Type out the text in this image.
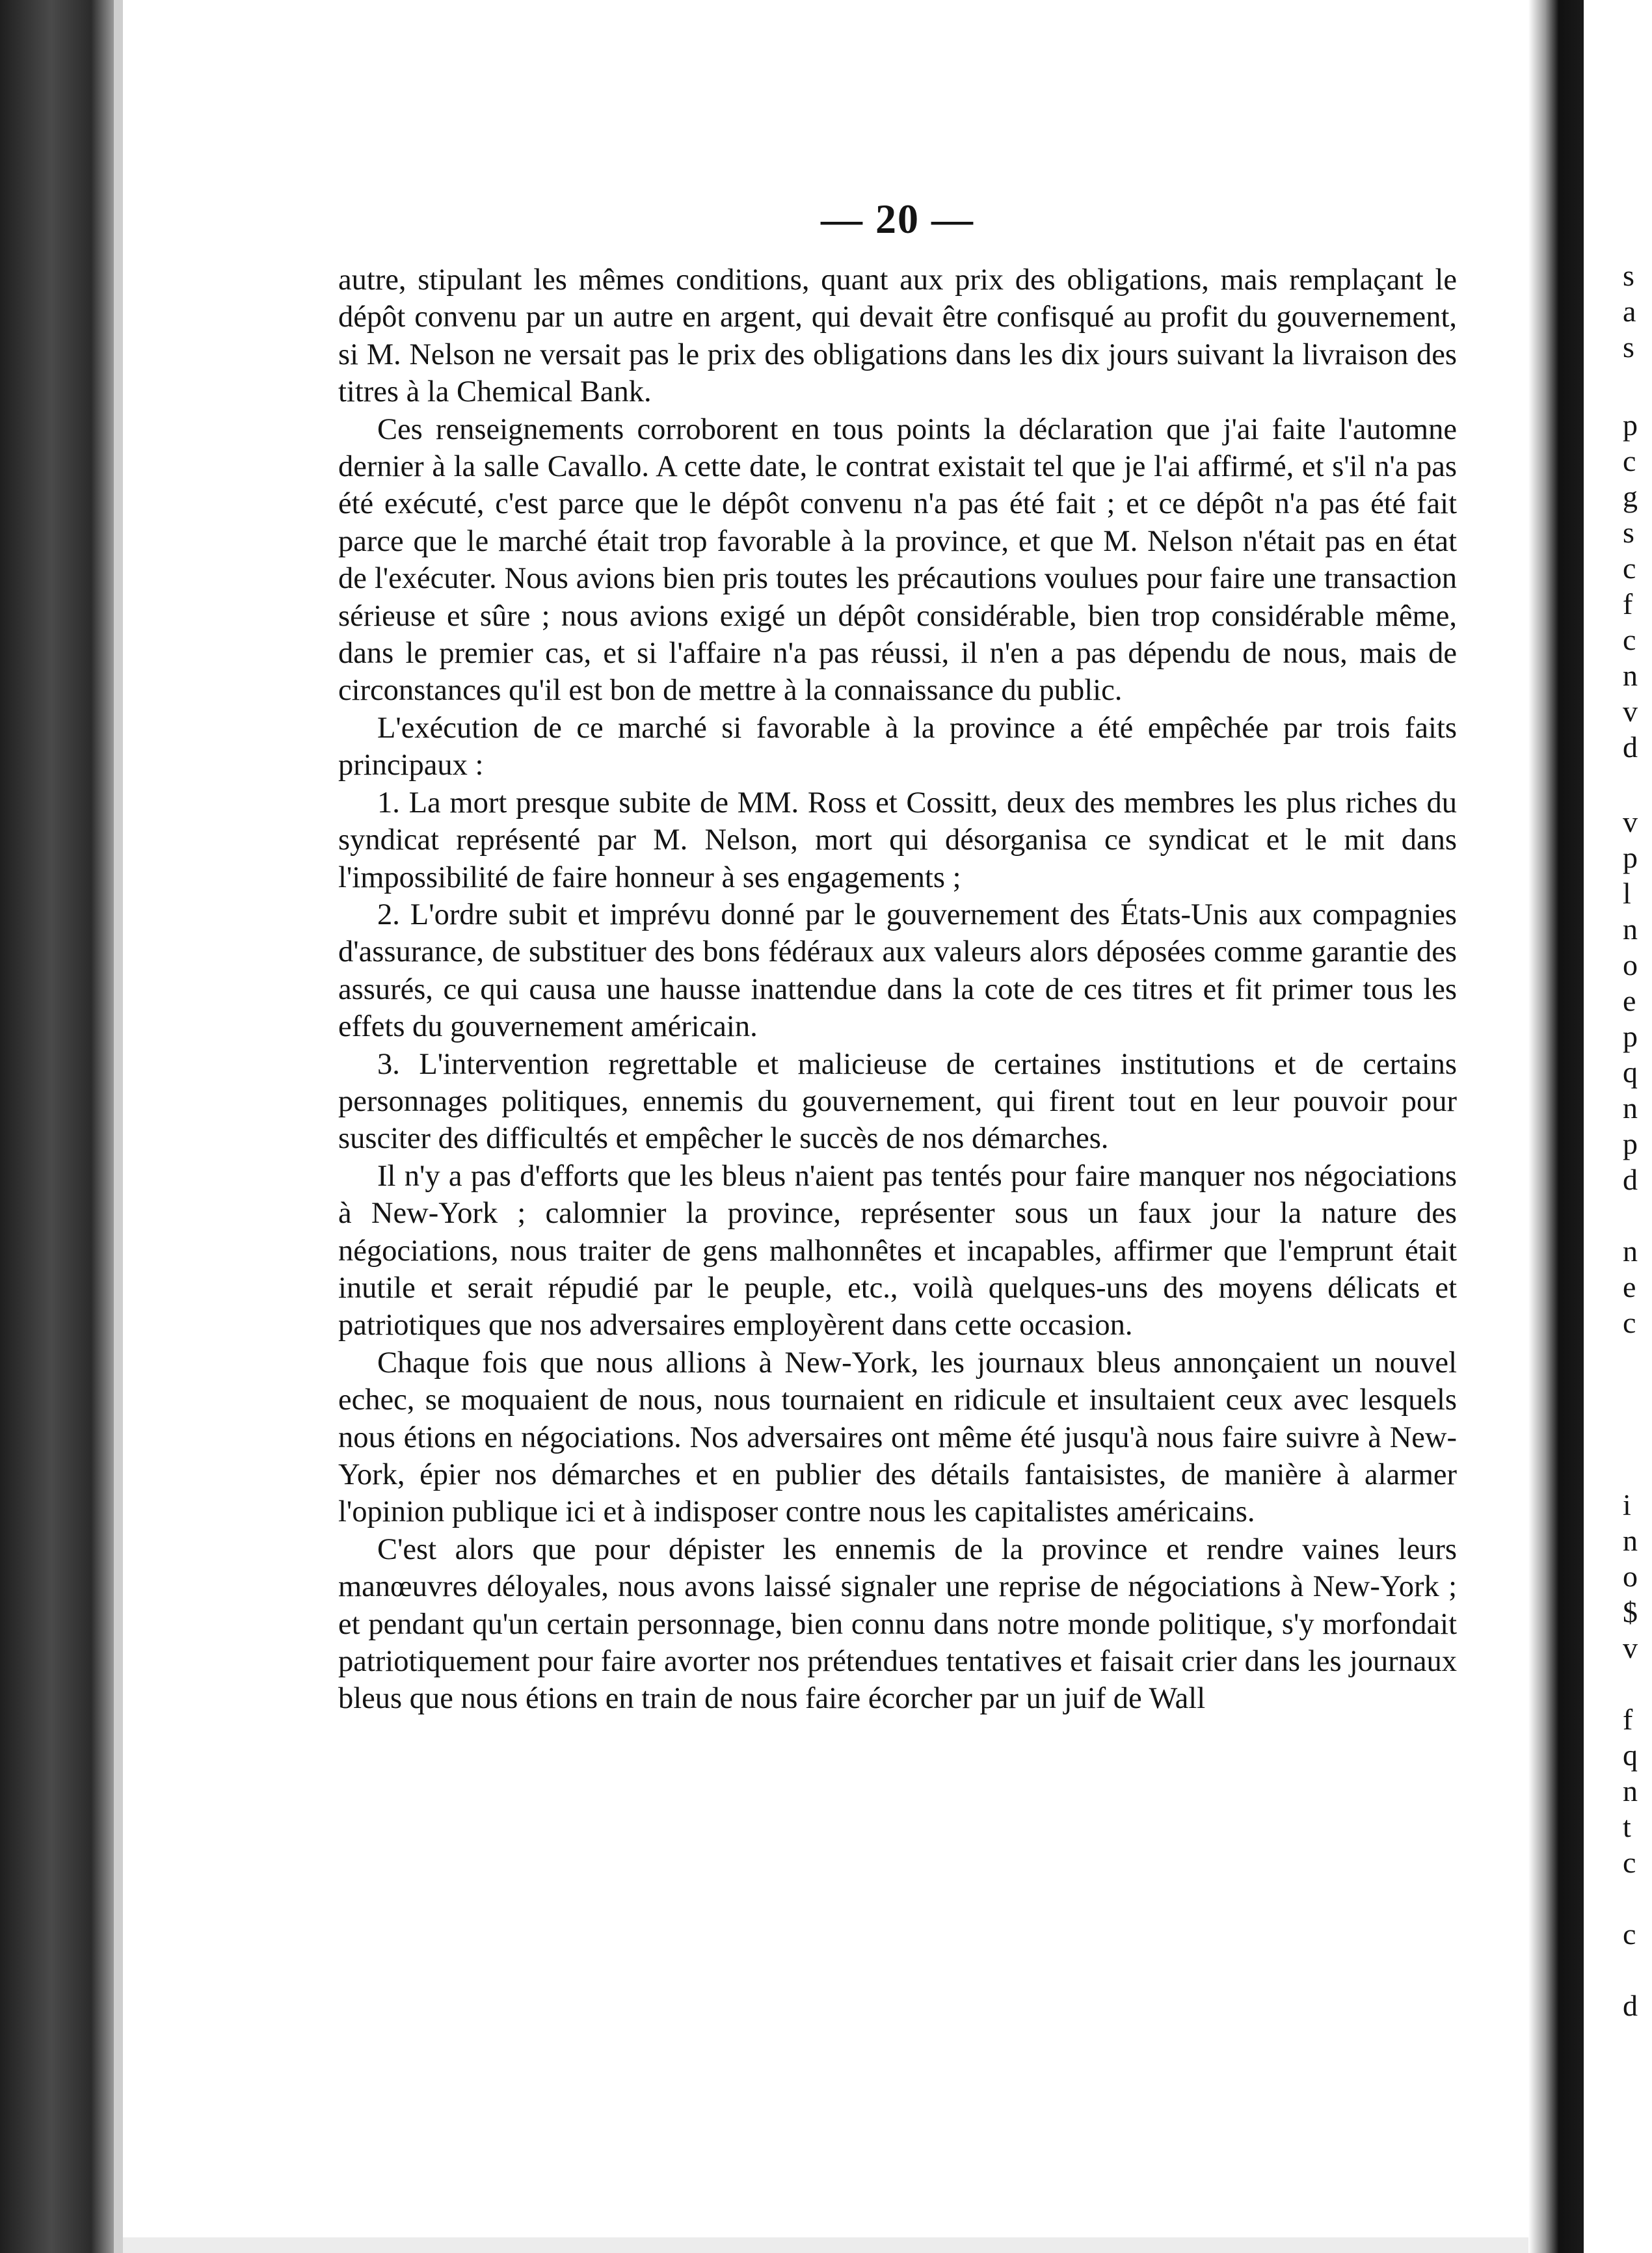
— 20 —

autre, stipulant les mêmes conditions, quant aux prix des obligations, mais remplaçant le dépôt convenu par un autre en argent, qui devait être confisqué au profit du gouvernement, si M. Nelson ne versait pas le prix des obligations dans les dix jours suivant la livraison des titres à la Chemical Bank.

Ces renseignements corroborent en tous points la déclaration que j'ai faite l'automne dernier à la salle Cavallo. A cette date, le contrat existait tel que je l'ai affirmé, et s'il n'a pas été exécuté, c'est parce que le dépôt convenu n'a pas été fait ; et ce dépôt n'a pas été fait parce que le marché était trop favorable à la province, et que M. Nelson n'était pas en état de l'exécuter. Nous avions bien pris toutes les précautions voulues pour faire une transaction sérieuse et sûre ; nous avions exigé un dépôt considérable, bien trop considérable même, dans le premier cas, et si l'affaire n'a pas réussi, il n'en a pas dépendu de nous, mais de circonstances qu'il est bon de mettre à la connaissance du public.

L'exécution de ce marché si favorable à la province a été empêchée par trois faits principaux :

1. La mort presque subite de MM. Ross et Cossitt, deux des membres les plus riches du syndicat représenté par M. Nelson, mort qui désorganisa ce syndicat et le mit dans l'impossibilité de faire honneur à ses engagements ;

2. L'ordre subit et imprévu donné par le gouvernement des États-Unis aux compagnies d'assurance, de substituer des bons fédéraux aux valeurs alors déposées comme garantie des assurés, ce qui causa une hausse inattendue dans la cote de ces titres et fit primer tous les effets du gouvernement américain.

3. L'intervention regrettable et malicieuse de certaines institutions et de certains personnages politiques, ennemis du gouvernement, qui firent tout en leur pouvoir pour susciter des difficultés et empêcher le succès de nos démarches.

Il n'y a pas d'efforts que les bleus n'aient pas tentés pour faire manquer nos négociations à New-York ; calomnier la province, représenter sous un faux jour la nature des négociations, nous traiter de gens malhonnêtes et incapables, affirmer que l'emprunt était inutile et serait répudié par le peuple, etc., voilà quelques-uns des moyens délicats et patriotiques que nos adversaires employèrent dans cette occasion.

Chaque fois que nous allions à New-York, les journaux bleus annonçaient un nouvel echec, se moquaient de nous, nous tournaient en ridicule et insultaient ceux avec lesquels nous étions en négociations. Nos adversaires ont même été jusqu'à nous faire suivre à New-York, épier nos démarches et en publier des détails fantaisistes, de manière à alarmer l'opinion publique ici et à indisposer contre nous les capitalistes américains.

C'est alors que pour dépister les ennemis de la province et rendre vaines leurs manœuvres déloyales, nous avons laissé signaler une reprise de négociations à New-York ; et pendant qu'un certain personnage, bien connu dans notre monde politique, s'y morfondait patriotiquement pour faire avorter nos prétendues tentatives et faisait crier dans les journaux bleus que nous étions en train de nous faire écorcher par un juif de Wall

s
a
s
p
c
g
s
c
f
c
n
v
d
v
p
l
n
o
e
p
q
n
p
d
n
e
c
i
n
o
$
v
f
q
n
t
c
c
d
